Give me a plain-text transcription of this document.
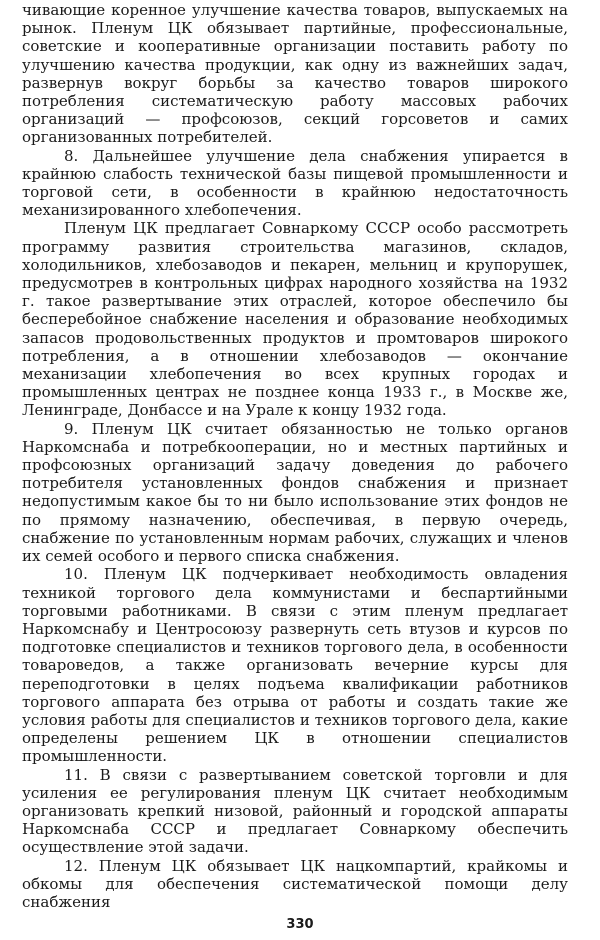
чивающие коренное улучшение качества товаров, выпускаемых на рынок. Пленум ЦК обязывает партийные, профессиональные, советские и кооперативные организации поставить работу по улучшению качества продукции, как одну из важнейших задач, развернув вокруг борьбы за качество товаров широкого потребления систематическую работу массовых рабочих организаций — профсоюзов, секций горсоветов и самих организованных потребителей.

8. Дальнейшее улучшение дела снабжения упирается в крайнюю слабость технической базы пищевой промышленности и торговой сети, в особенности в крайнюю недостаточность механизированного хлебопечения.

Пленум ЦК предлагает Совнаркому СССР особо рассмотреть программу развития строительства магазинов, складов, холодильников, хлебозаводов и пекарен, мельниц и крупорушек, предусмотрев в контрольных цифрах народного хозяйства на 1932 г. такое развертывание этих отраслей, которое обеспечило бы бесперебойное снабжение населения и образование необходимых запасов продовольственных продуктов и промтоваров широкого потребления, а в отношении хлебозаводов — окончание механизации хлебопечения во всех крупных городах и промышленных центрах не позднее конца 1933 г., в Москве же, Ленинграде, Донбассе и на Урале к концу 1932 года.

9. Пленум ЦК считает обязанностью не только органов Наркомснаба и потребкооперации, но и местных партийных и профсоюзных организаций задачу доведения до рабочего потребителя установленных фондов снабжения и признает недопустимым какое бы то ни было использование этих фондов не по прямому назначению, обеспечивая, в первую очередь, снабжение по установленным нормам рабочих, служащих и членов их семей особого и первого списка снабжения.

10. Пленум ЦК подчеркивает необходимость овладения техникой торгового дела коммунистами и беспартийными торговыми работниками. В связи с этим пленум предлагает Наркомснабу и Центросоюзу развернуть сеть втузов и курсов по подготовке специалистов и техников торгового дела, в особенности товароведов, а также организовать вечерние курсы для переподготовки в целях подъема квалификации работников торгового аппарата без отрыва от работы и создать такие же условия работы для специалистов и техников торгового дела, какие определены решением ЦК в отношении специалистов промышленности.

11. В связи с развертыванием советской торговли и для усиления ее регулирования пленум ЦК считает необходимым организовать крепкий низовой, районный и городской аппараты Наркомснаба СССР и предлагает Совнаркому обеспечить осуществление этой задачи.

12. Пленум ЦК обязывает ЦК нацкомпартий, крайкомы и обкомы для обеспечения систематической помощи делу снабжения

330
